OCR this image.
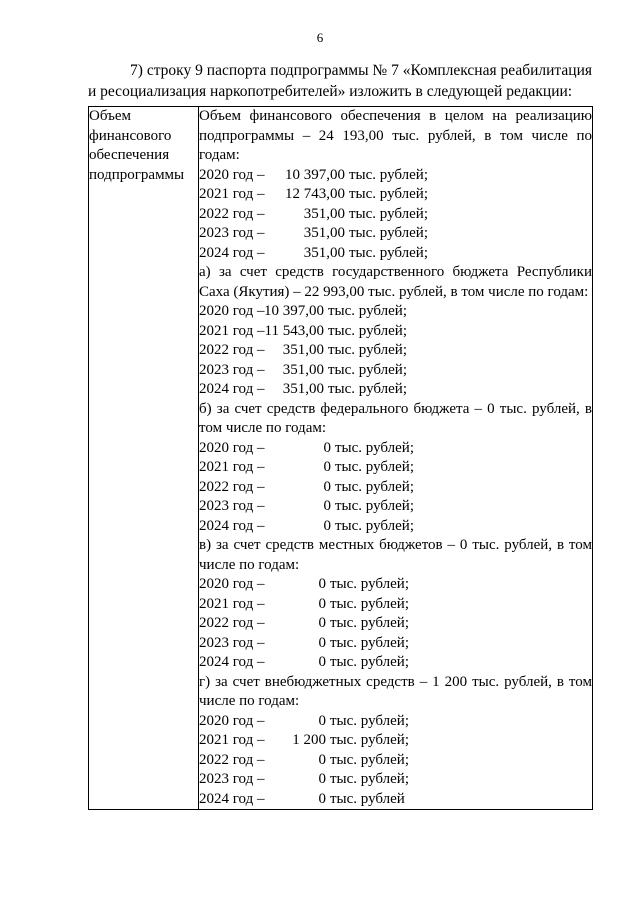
6
7) строку 9 паспорта подпрограммы № 7 «Комплексная реабилитация и ресоциализация наркопотребителей» изложить в следующей редакции:
Объем финансового обеспечения подпрограммы	
Объем финансового обеспечения в целом на реализацию подпрограммы – 24 193,00 тыс. рублей, в том числе по годам:
2020 год –	10 397,00 тыс. рублей;
2021 год –	12 743,00 тыс. рублей;
2022 год –	351,00 тыс. рублей;
2023 год –	351,00 тыс. рублей;
2024 год –	351,00 тыс. рублей;
а) за счет средств государственного бюджета Республики Саха (Якутия) – 22 993,00 тыс. рублей, в том числе по годам:
2020 год – 10 397,00 тыс. рублей;
2021 год – 11 543,00 тыс. рублей;
2022 год –	351,00 тыс. рублей;
2023 год –	351,00 тыс. рублей;
2024 год –	351,00 тыс. рублей;
б) за счет средств федерального бюджета – 0 тыс. рублей, в том числе по годам:
2020 год –	0 тыс. рублей;
2021 год –	0 тыс. рублей;
2022 год –	0 тыс. рублей;
2023 год –	0 тыс. рублей;
2024 год –	0 тыс. рублей;
в) за счет средств местных бюджетов – 0 тыс. рублей, в том числе по годам:
2020 год –	0 тыс. рублей;
2021 год –	0 тыс. рублей;
2022 год –	0 тыс. рублей;
2023 год –	0 тыс. рублей;
2024 год –	0 тыс. рублей;
г) за счет внебюджетных средств – 1 200 тыс. рублей, в том числе по годам:
2020 год –	0 тыс. рублей;
2021 год –	1 200 тыс. рублей;
2022 год –	0 тыс. рублей;
2023 год –	0 тыс. рублей;
2024 год –	0 тыс. рублей
